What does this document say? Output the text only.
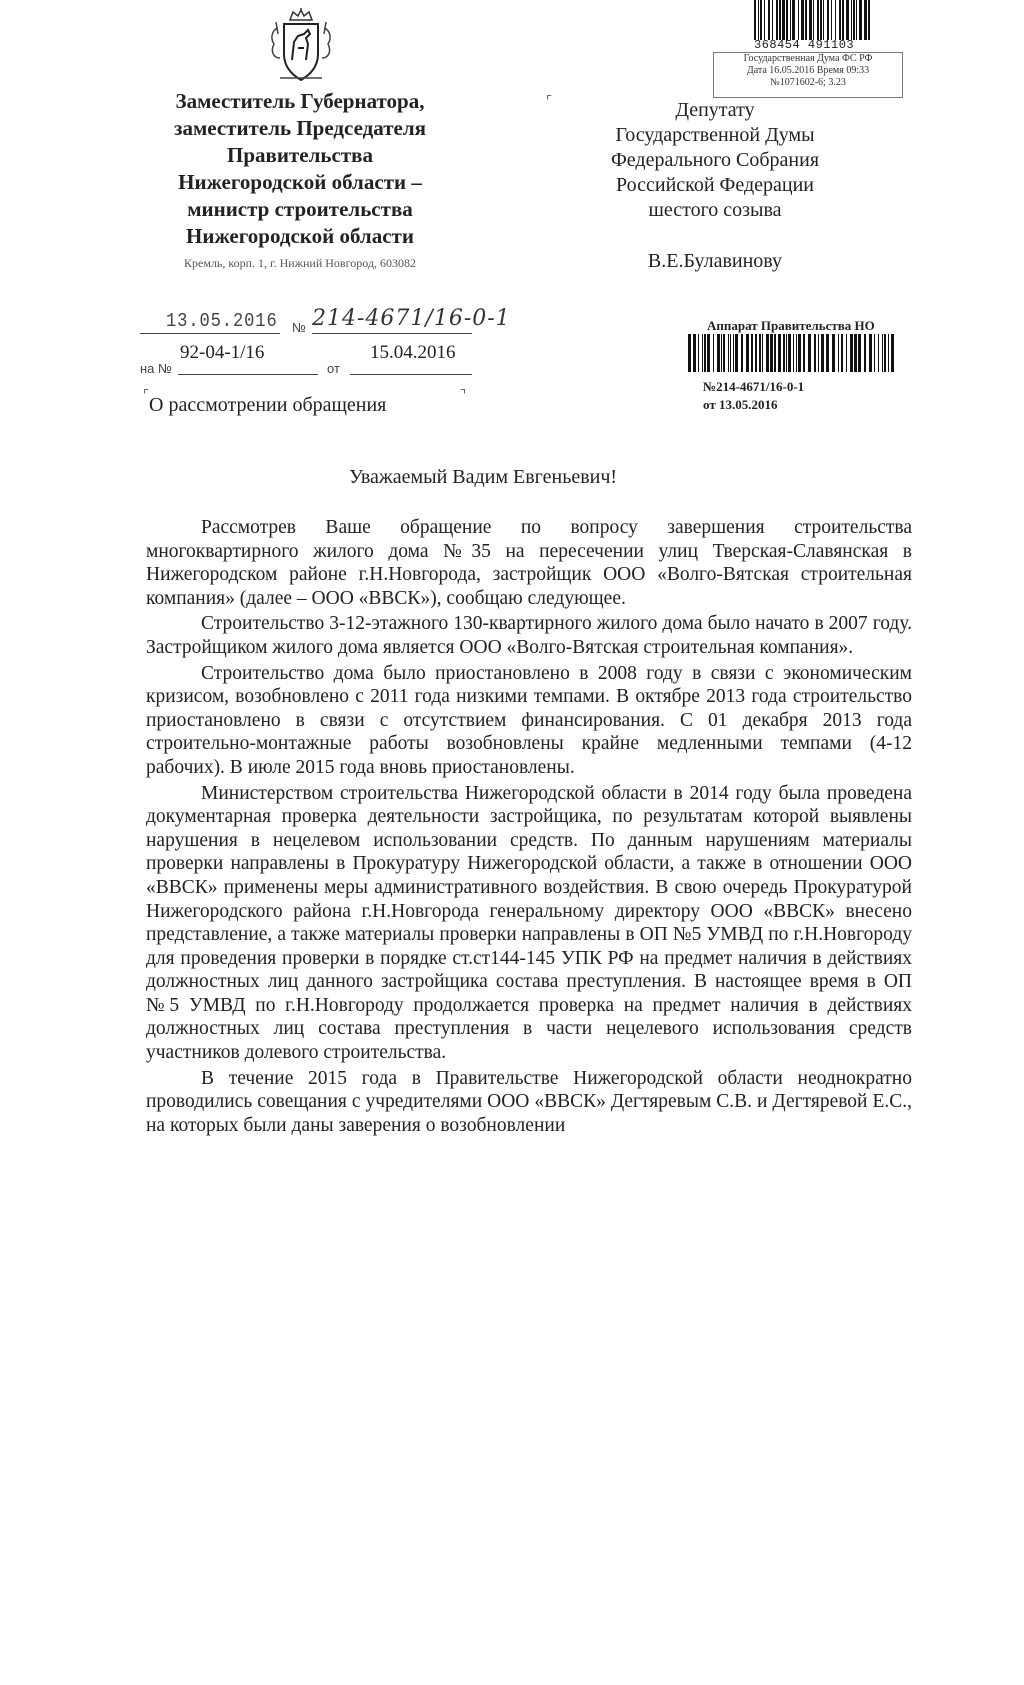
Заместитель Губернатора,
заместитель Председателя
Правительства
Нижегородской области –
министр строительства
Нижегородской области
Кремль, корп. 1, г. Нижний Новгород, 603082
⌜
⌜	⌝
368454 491103
Государственная Дума ФС РФ
Дата 16.05.2016 Время 09:33
№1071602-6; 3.23
Депутату
Государственной Думы
Федерального Собрания
Российской Федерации
шестого созыва
В.Е.Булавинову
13.05.2016 № 214-4671/16-0-1
на №
92-04-1/16
от
15.04.2016
О рассмотрении обращения
Аппарат Правительства НО
№214-4671/16-0-1
от 13.05.2016
Уважаемый Вадим Евгеньевич!

Рассмотрев Ваше обращение по вопросу завершения строительства многоквартирного жилого дома №35 на пересечении улиц Тверская-Славянская в Нижегородском районе г.Н.Новгорода, застройщик ООО «Волго-Вятская строительная компания» (далее – ООО «ВВСК»), сообщаю следующее.

Строительство 3-12-этажного 130-квартирного жилого дома было начато в 2007 году. Застройщиком жилого дома является ООО «Волго-Вятская строительная компания».

Строительство дома было приостановлено в 2008 году в связи с экономическим кризисом, возобновлено с 2011 года низкими темпами. В октябре 2013 года строительство приостановлено в связи с отсутствием финансирования. С 01 декабря 2013 года строительно-монтажные работы возобновлены крайне медленными темпами (4-12 рабочих). В июле 2015 года вновь приостановлены.

Министерством строительства Нижегородской области в 2014 году была проведена документарная проверка деятельности застройщика, по результатам которой выявлены нарушения в нецелевом использовании средств. По данным нарушениям материалы проверки направлены в Прокуратуру Нижегородской области, а также в отношении ООО «ВВСК» применены меры административного воздействия. В свою очередь Прокуратурой Нижегородского района г.Н.Новгорода генеральному директору ООО «ВВСК» внесено представление, а также материалы проверки направлены в ОП №5 УМВД по г.Н.Новгороду для проведения проверки в порядке ст.ст144-145 УПК РФ на предмет наличия в действиях должностных лиц данного застройщика состава преступления. В настоящее время в ОП №5 УМВД по г.Н.Новгороду продолжается проверка на предмет наличия в действиях должностных лиц состава преступления в части нецелевого использования средств участников долевого строительства.

В течение 2015 года в Правительстве Нижегородской области неоднократно проводились совещания с учредителями ООО «ВВСК» Дегтяревым С.В. и Дегтяревой Е.С., на которых были даны заверения о возобновлении
